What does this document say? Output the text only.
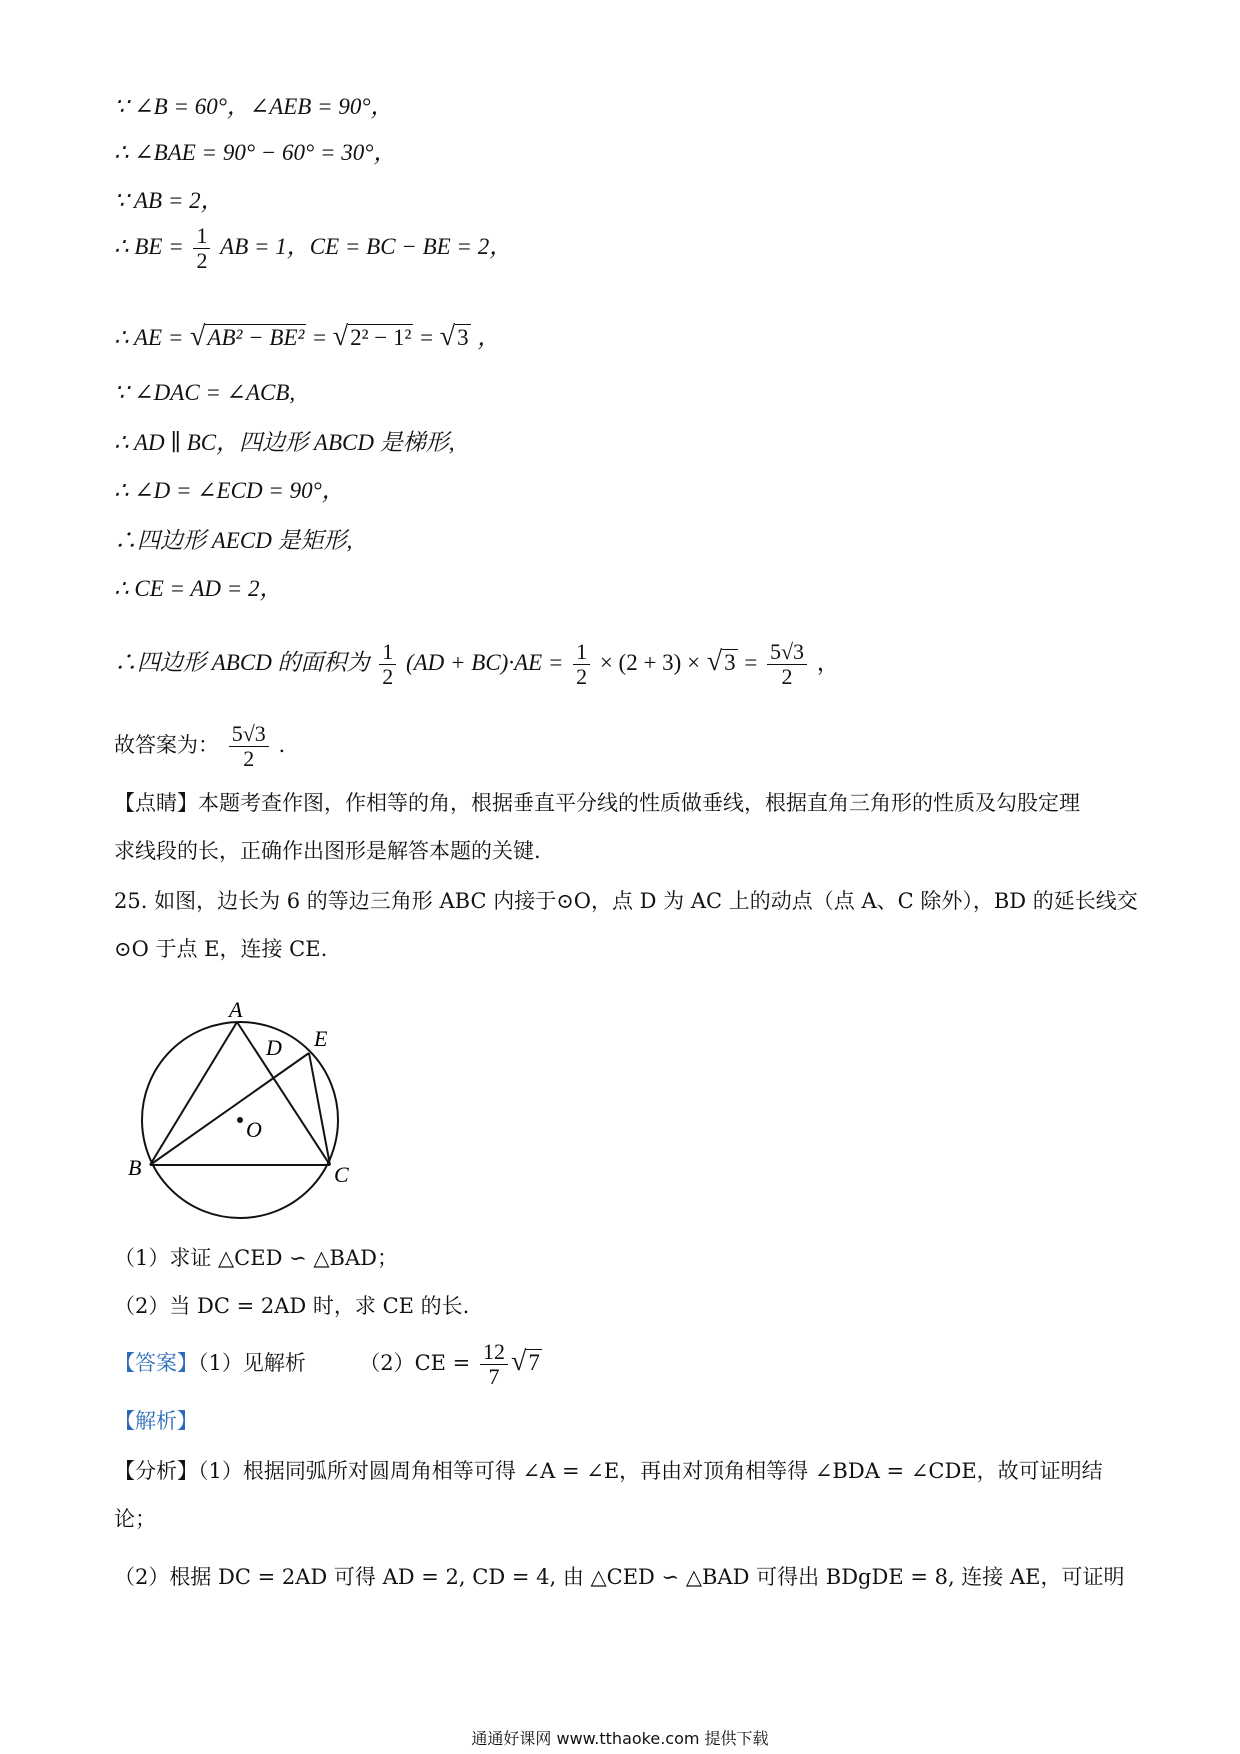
∵ ∠B = 60°，∠AEB = 90°，
∴ ∠BAE = 90° − 60° = 30°，
∵ AB = 2，
∴ BE = $\frac{1}{2}$ AB = 1，CE = BC − BE = 2，
∴ AE = √AB² − BE² = √2² − 1² = √3 ，
∵ ∠DAC = ∠ACB,
∴ AD ∥ BC，四边形 ABCD 是梯形,
∴ ∠D = ∠ECD = 90°，
∴四边形 AECD 是矩形,
∴ CE = AD = 2，
∴四边形 ABCD 的面积为 $\frac{1}{2} (AD + BC)\cdot AE = \frac{1}{2} \times (2 + 3) \times √3 = \frac{5√3}{2}$ ，
故答案为： $\frac{5√3}{2}$ .
【点睛】本题考查作图，作相等的角，根据垂直平分线的性质做垂线，根据直角三角形的性质及勾股定理
求线段的长，正确作出图形是解答本题的关键.
25. 如图，边长为 6 的等边三角形 ABC 内接于⊙O，点 D 为 AC 上的动点（点 A、C 除外），BD 的延长线交
⊙O 于点 E，连接 CE.
A
B	C
D E
O
（1）求证 △CED ∽ △BAD；
（2）当 DC = 2AD 时，求 CE 的长.
【答案】（1）见解析	$(2)CE = \frac{12}{7} √7$
【解析】
【分析】（1）根据同弧所对圆周角相等可得 ∠A = ∠E，再由对顶角相等得 ∠BDA = ∠CDE，故可证明结
论；
（2）根据 DC = 2AD 可得 AD = 2, CD = 4, 由 △CED ∽ △BAD 可得出 BDgDE = 8, 连接 AE，可证明
通通好课网 www.tthaoke.com 提供下载
